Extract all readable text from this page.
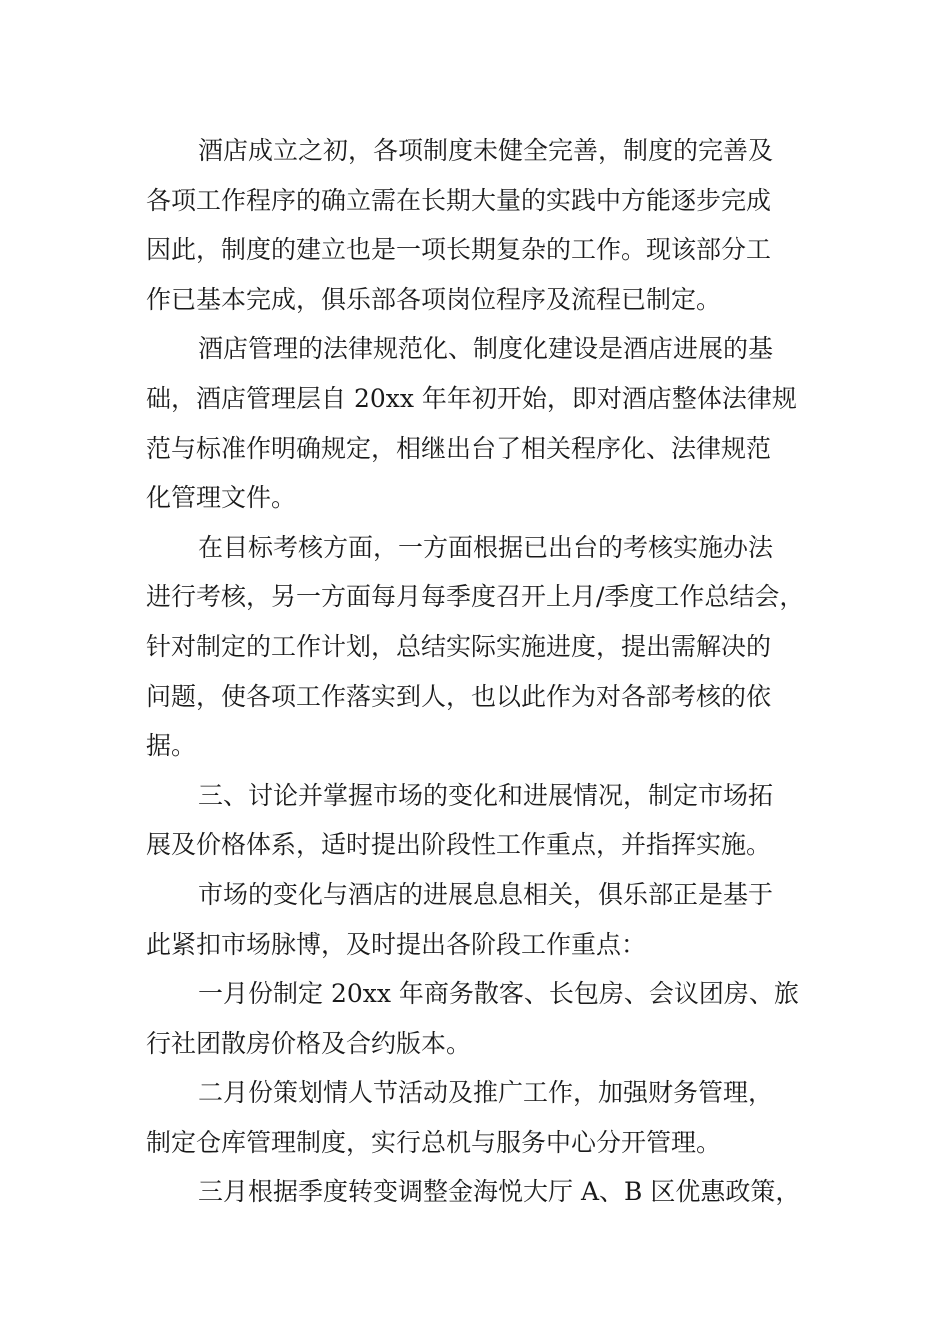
酒店成立之初，各项制度未健全完善，制度的完善及
各项工作程序的确立需在长期大量的实践中方能逐步完成
因此，制度的建立也是一项长期复杂的工作。现该部分工
作已基本完成，俱乐部各项岗位程序及流程已制定。
酒店管理的法律规范化、制度化建设是酒店进展的基
础，酒店管理层自 20xx 年年初开始，即对酒店整体法律规
范与标准作明确规定，相继出台了相关程序化、法律规范
化管理文件。
在目标考核方面，一方面根据已出台的考核实施办法
进行考核，另一方面每月每季度召开上月/季度工作总结会，
针对制定的工作计划，总结实际实施进度，提出需解决的
问题，使各项工作落实到人，也以此作为对各部考核的依
据。
三、讨论并掌握市场的变化和进展情况，制定市场拓
展及价格体系，适时提出阶段性工作重点，并指挥实施。
市场的变化与酒店的进展息息相关，俱乐部正是基于
此紧扣市场脉博，及时提出各阶段工作重点：
一月份制定 20xx 年商务散客、长包房、会议团房、旅
行社团散房价格及合约版本。
二月份策划情人节活动及推广工作，加强财务管理，
制定仓库管理制度，实行总机与服务中心分开管理。
三月根据季度转变调整金海悦大厅 A、B 区优惠政策，
